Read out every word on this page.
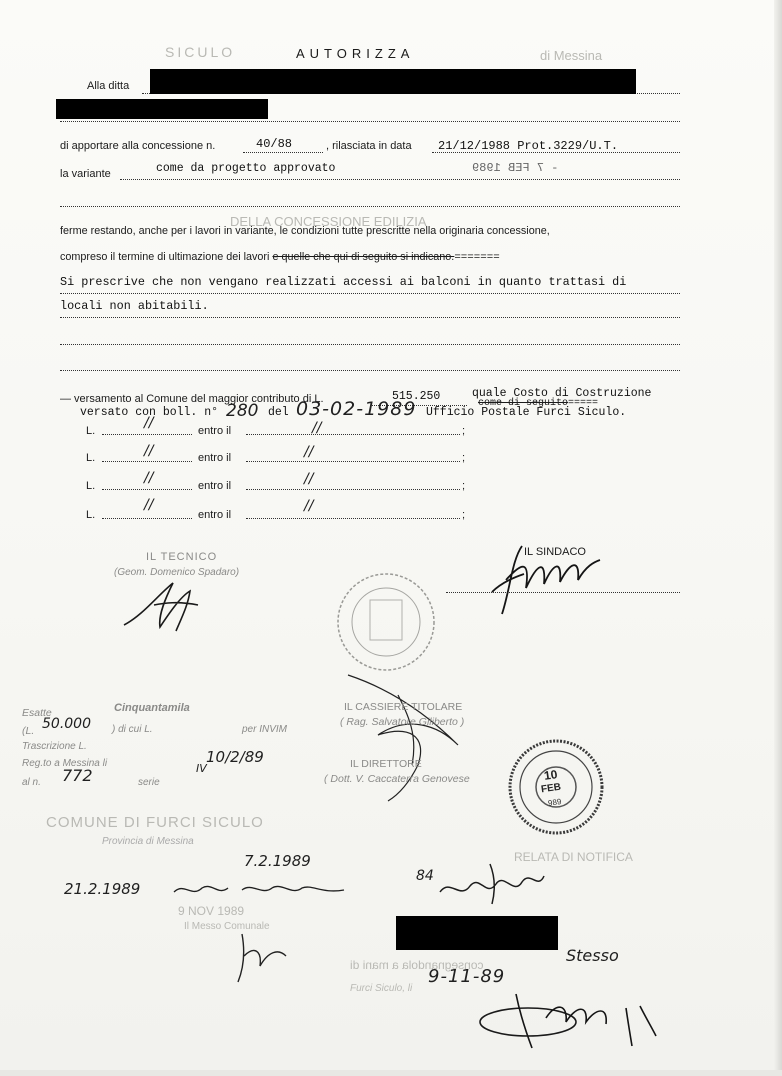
SICULO	di Messina
DELLA CONCESSIONE EDILIZIA
AUTORIZZA
Alla ditta
di apportare alla concessione n.	40/88	, rilasciata in data 21/12/1988 Prot.3229/U.T.
la variante	come da progetto approvato	- 7 FEB 1989
ferme restando, anche per i lavori in variante, le condizioni tutte prescritte nella originaria concessione,
compreso il termine di ultimazione dei lavori e quelle che qui di seguito si indicano.=======
Si prescrive che non vengano realizzati accessi ai balconi in quanto trattasi di
locali non abitabili.
— versamento al Comune del maggior contributo di L.	515.250	quale Costo di Costruzione
come di seguito=====
versato con boll. n° 280 del 03-02-1989 Ufficio Postale Furci Siculo.
L.	//	entro il	//	;
L.	//	entro il	//	;
L.	//	entro il	//	;
L.
//
entro il
//
;
IL TECNICO
(Geom. Domenico Spadaro)
IL SINDACO
IL CASSIERE TITOLARE
( Rag. Salvatore Giliberto )
IL DIRETTORE
( Dott. V. Caccaterra Genovese
Esatte	Cinquantamila
(L. 50.000 ) di cui L.	per INVIM
Trascrizione L.
Reg.to a Messina li	10/2/89
IV
al n. 772	serie	10
FEB
989
COMUNE DI FURCI SICULO
Provincia di Messina
RELATA DI NOTIFICA
7.2.1989
21.2.1989
9 NOV 1989
Il Messo Comunale
84
consegnandola a mani di
Furci Siculo, li
Stesso
9-11-89
